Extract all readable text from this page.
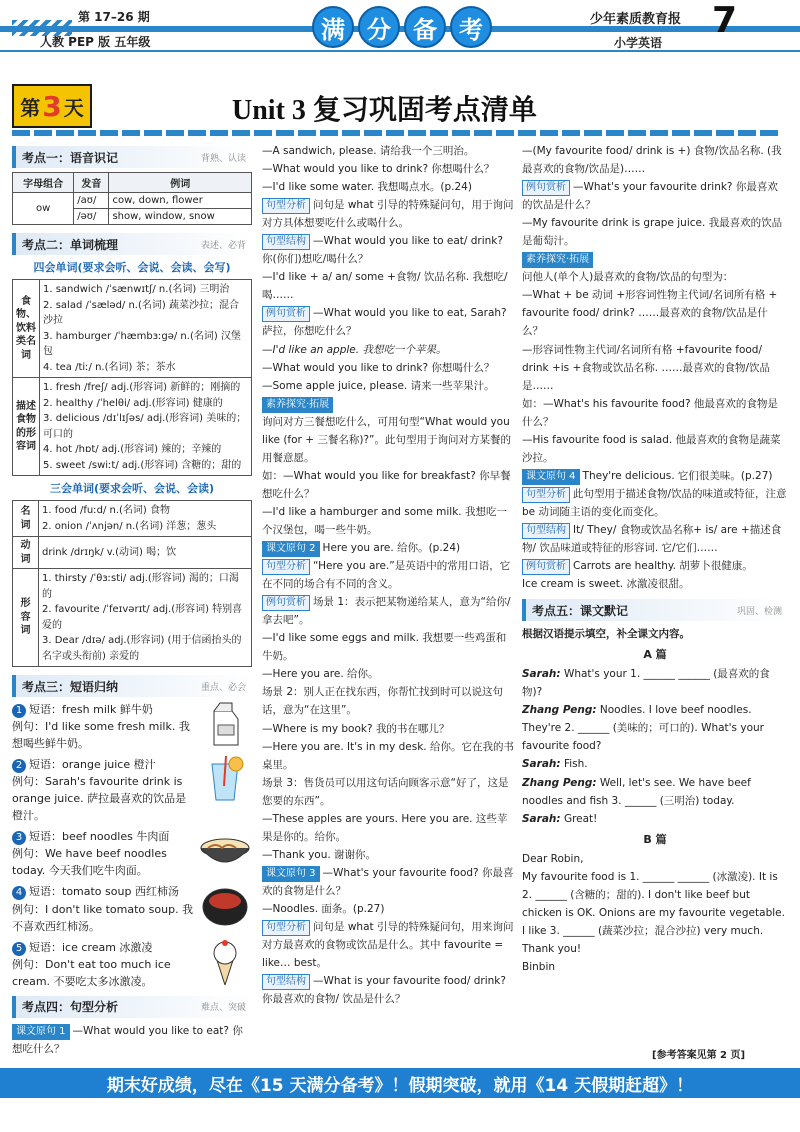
第 17–26 期
人教 PEP 版 五年级	满 分 备 考	少年素质教育报
小学英语
7
第 3 天	Unit 3 复习巩固考点清单
考点一：语音识记	背熟、认读
字母组合	发音	例词
ow	/aʊ/	cow, down, flower
	/əʊ/	show, window, snow
考点二：单词梳理	表述、必背
四会单词(要求会听、会说、会读、会写)
食物、饮料类名词	1. sandwich /ˈsænwɪtʃ/ n.(名词) 三明治

2. salad /ˈsæləd/ n.(名词) 蔬菜沙拉；混合沙拉

3. hamburger /ˈhæmbɜːgə/ n.(名词) 汉堡包

4. tea /tiː/ n.(名词) 茶；茶水

描述食物的形容词	1. fresh /freʃ/ adj.(形容词) 新鲜的；刚摘的

2. healthy /ˈhelθi/ adj.(形容词) 健康的

3. delicious /dɪˈlɪʃəs/ adj.(形容词) 美味的；可口的

4. hot /hɒt/ adj.(形容词) 辣的；辛辣的

5. sweet /swiːt/ adj.(形容词) 含糖的；甜的

三会单词(要求会听、会说、会读)
名词	1. food /fuːd/ n.(名词) 食物

2. onion /ˈʌnjən/ n.(名词) 洋葱；葱头

动词	drink /drɪŋk/ v.(动词) 喝；饮

形容词	1. thirsty /ˈθɜːsti/ adj.(形容词) 渴的；口渴的

2. favourite /ˈfeɪvərɪt/ adj.(形容词) 特别喜爱的

3. Dear /dɪə/ adj.(形容词) (用于信函抬头的名字或头衔前) 亲爱的

考点三：短语归纳	重点、必会
1 短语：fresh milk 鲜牛奶
例句：I'd like some fresh milk. 我想喝些鲜牛奶。
2 短语：orange juice 橙汁
例句：Sarah's favourite drink is orange juice. 萨拉最喜欢的饮品是橙汁。
3 短语：beef noodles 牛肉面
例句：We have beef noodles today. 今天我们吃牛肉面。
4 短语：tomato soup 西红柿汤
例句：I don't like tomato soup. 我不喜欢西红柿汤。
5 短语：ice cream 冰激凌
例句：Don't eat too much ice cream. 不要吃太多冰激凌。
考点四：句型分析	难点、突破

课文原句 1 —What would you like to eat? 你想吃什么？

—A sandwich, please. 请给我一个三明治。

—What would you like to drink? 你想喝什么？

—I'd like some water. 我想喝点水。(p.24)

句型分析 问句是 what 引导的特殊疑问句，用于询问对方具体想要吃什么或喝什么。

句型结构 —What would you like to eat/ drink? 你(你们)想吃/喝什么？

—I'd like + a/ an/ some +食物/ 饮品名称. 我想吃/喝……

例句赏析 —What would you like to eat, Sarah? 萨拉，你想吃什么？

—I'd like an apple. 我想吃一个苹果。

—What would you like to drink? 你想喝什么？

—Some apple juice, please. 请来一些苹果汁。

素养探究·拓展

询问对方三餐想吃什么，可用句型“What would you like (for + 三餐名称)?”。此句型用于询问对方某餐的用餐意愿。

如：—What would you like for breakfast? 你早餐想吃什么？

—I'd like a hamburger and some milk. 我想吃一个汉堡包，喝一些牛奶。

课文原句 2 Here you are. 给你。(p.24)

句型分析 “Here you are.”是英语中的常用口语，它在不同的场合有不同的含义。

例句赏析 场景 1：表示把某物递给某人，意为“给你/拿去吧”。

—I'd like some eggs and milk. 我想要一些鸡蛋和牛奶。

—Here you are. 给你。

场景 2：别人正在找东西，你帮忙找到时可以说这句话，意为“在这里”。

—Where is my book? 我的书在哪儿？

—Here you are. It's in my desk. 给你。它在我的书桌里。

场景 3：售货员可以用这句话向顾客示意“好了，这是您要的东西”。

—These apples are yours. Here you are. 这些苹果是你的。给你。

—Thank you. 谢谢你。

课文原句 3 —What's your favourite food? 你最喜欢的食物是什么？

—Noodles. 面条。(p.27)

句型分析 问句是 what 引导的特殊疑问句，用来询问对方最喜欢的食物或饮品是什么。其中 favourite = like… best。

句型结构 —What is your favourite food/ drink? 你最喜欢的食物/ 饮品是什么？

—(My favourite food/ drink is +) 食物/饮品名称. (我最喜欢的食物/饮品是)……

例句赏析 —What's your favourite drink? 你最喜欢的饮品是什么？

—My favourite drink is grape juice. 我最喜欢的饮品是葡萄汁。

素养探究·拓展

问他人(单个人)最喜欢的食物/饮品的句型为：

—What + be 动词 +形容词性物主代词/名词所有格 + favourite food/ drink? ……最喜欢的食物/饮品是什么？

—形容词性物主代词/名词所有格 +favourite food/ drink +is +食物或饮品名称. ……最喜欢的食物/饮品是……

如：—What's his favourite food? 他最喜欢的食物是什么？

—His favourite food is salad. 他最喜欢的食物是蔬菜沙拉。

课文原句 4 They're delicious. 它们很美味。(p.27)

句型分析 此句型用于描述食物/饮品的味道或特征，注意 be 动词随主语的变化而变化。

句型结构 It/ They/ 食物或饮品名称+ is/ are +描述食物/ 饮品味道或特征的形容词. 它/它们……

例句赏析 Carrots are healthy. 胡萝卜很健康。

Ice cream is sweet. 冰激凌很甜。

考点五：课文默记	巩固、检测

根据汉语提示填空，补全课文内容。

A 篇

Sarah: What's your 1. ______ ______ (最喜欢的食物)?

Zhang Peng: Noodles. I love beef noodles. They're 2. ______ (美味的；可口的). What's your favourite food?

Sarah: Fish.

Zhang Peng: Well, let's see. We have beef noodles and fish 3. ______ (三明治) today.

Sarah: Great!

B 篇

Dear Robin,

My favourite food is 1. ______ ______ (冰激凌). It is 2. ______ (含糖的；甜的). I don't like beef but chicken is OK. Onions are my favourite vegetable. I like 3. ______ (蔬菜沙拉；混合沙拉) very much.

Thank you!

Binbin

[参考答案见第 2 页]
期末好成绩，尽在《15 天满分备考》！假期突破，就用《14 天假期赶超》！
